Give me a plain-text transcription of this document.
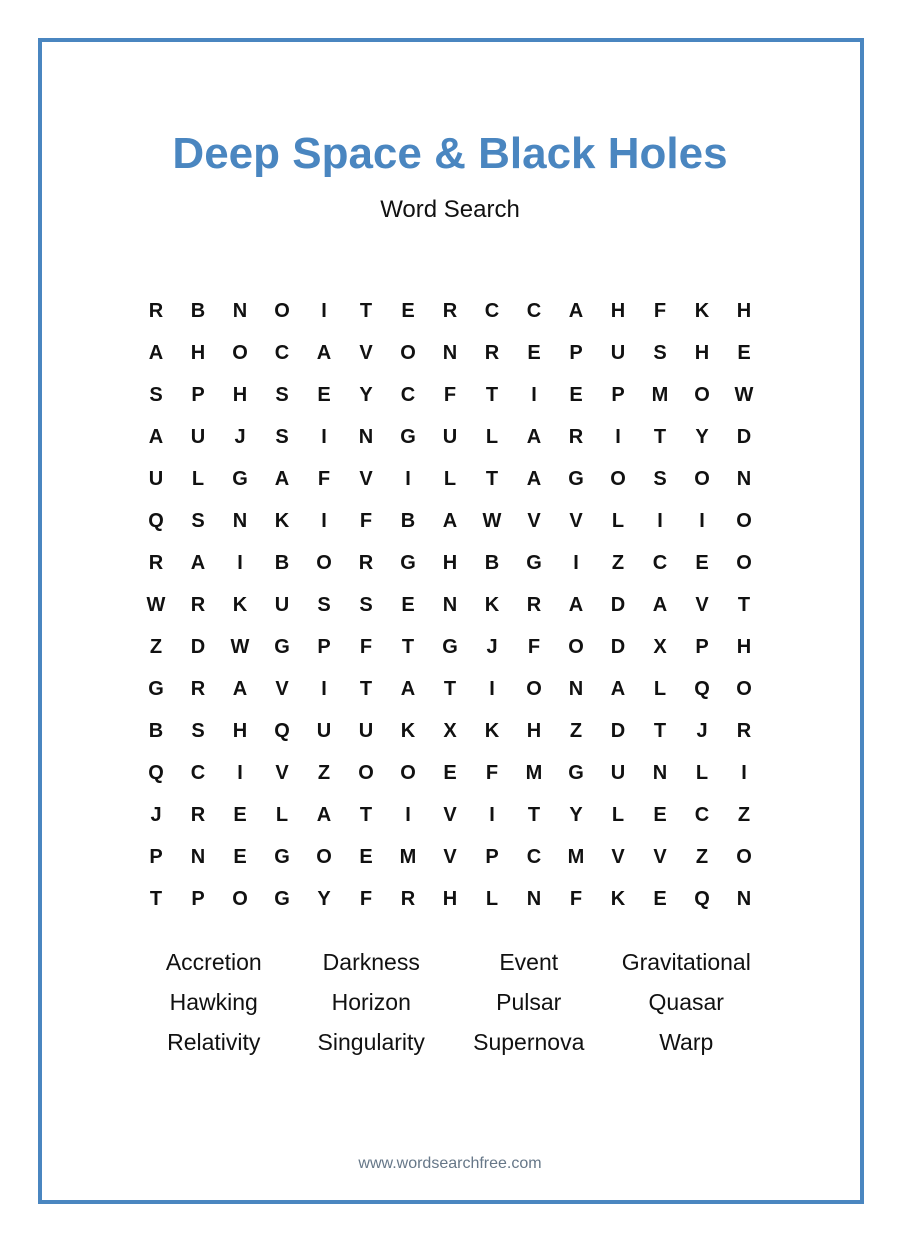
Deep Space & Black Holes
Word Search
R	B	N	O	I	T	E	R	C	C	A	H	F	K	H
A	H	O	C	A	V	O	N	R	E	P	U	S	H	E
S	P	H	S	E	Y	C	F	T	I	E	P	M	O	W
A	U	J	S	I	N	G	U	L	A	R	I	T	Y	D
U	L	G	A	F	V	I	L	T	A	G	O	S	O	N
Q	S	N	K	I	F	B	A	W	V	V	L	I	I	O
R	A	I	B	O	R	G	H	B	G	I	Z	C	E	O
W	R	K	U	S	S	E	N	K	R	A	D	A	V	T
Z	D	W	G	P	F	T	G	J	F	O	D	X	P	H
G	R	A	V	I	T	A	T	I	O	N	A	L	Q	O
B	S	H	Q	U	U	K	X	K	H	Z	D	T	J	R
Q	C	I	V	Z	O	O	E	F	M	G	U	N	L	I
J	R	E	L	A	T	I	V	I	T	Y	L	E	C	Z
P	N	E	G	O	E	M	V	P	C	M	V	V	Z	O
T	P	O	G	Y	F	R	H	L	N	F	K	E	Q	N
Accretion	Darkness	Event	Gravitational
Hawking	Horizon	Pulsar	Quasar
Relativity	Singularity	Supernova	Warp
www.wordsearchfree.com
